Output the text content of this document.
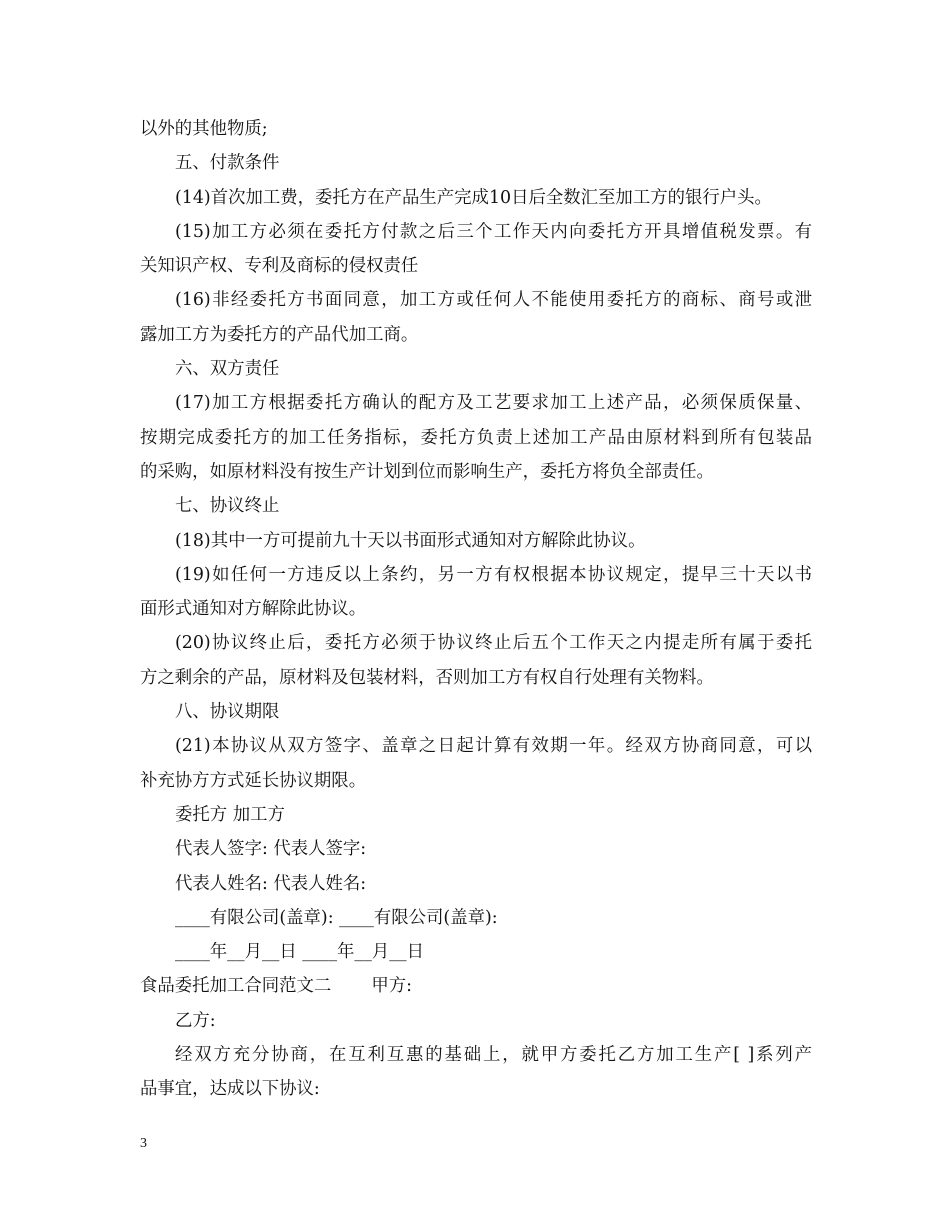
以外的其他物质;
五、付款条件
(14)首次加工费，委托方在产品生产完成10日后全数汇至加工方的银行户头。
(15)加工方必须在委托方付款之后三个工作天内向委托方开具增值税发票。有
关知识产权、专利及商标的侵权责任
(16)非经委托方书面同意，加工方或任何人不能使用委托方的商标、商号或泄
露加工方为委托方的产品代加工商。
六、双方责任
(17)加工方根据委托方确认的配方及工艺要求加工上述产品，必须保质保量、
按期完成委托方的加工任务指标，委托方负责上述加工产品由原材料到所有包装品
的采购，如原材料没有按生产计划到位而影响生产，委托方将负全部责任。
七、协议终止
(18)其中一方可提前九十天以书面形式通知对方解除此协议。
(19)如任何一方违反以上条约，另一方有权根据本协议规定，提早三十天以书
面形式通知对方解除此协议。
(20)协议终止后，委托方必须于协议终止后五个工作天之内提走所有属于委托
方之剩余的产品，原材料及包装材料，否则加工方有权自行处理有关物料。
八、协议期限
(21)本协议从双方签字、盖章之日起计算有效期一年。经双方协商同意，可以
补充协方方式延长协议期限。
委托方 加工方
代表人签字: 代表人签字:
代表人姓名: 代表人姓名:
____有限公司(盖章): ____有限公司(盖章):
____年__月__日 ____年__月__日
食品委托加工合同范文二 甲方:
乙方:
经双方充分协商，在互利互惠的基础上，就甲方委托乙方加工生产[ ]系列产
品事宜，达成以下协议:
3
